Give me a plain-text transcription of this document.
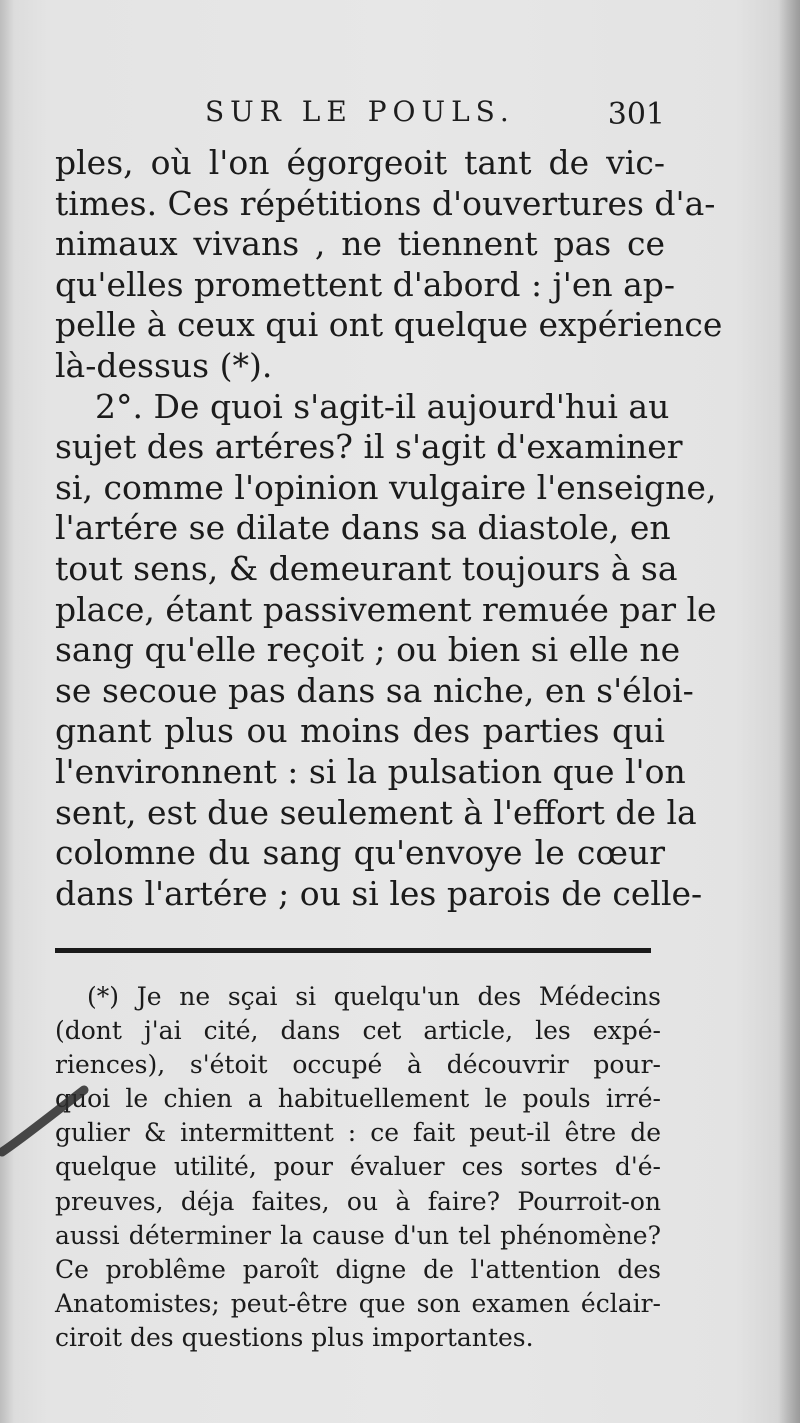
SUR LE POULS.	301
ples, où l'on égorgeoit tant de vic-
times. Ces répétitions d'ouvertures d'a-
nimaux vivans , ne tiennent pas ce
qu'elles promettent d'abord : j'en ap-
pelle à ceux qui ont quelque expérience
là-dessus (*).
2°. De quoi s'agit-il aujourd'hui au
sujet des artéres? il s'agit d'examiner
si, comme l'opinion vulgaire l'enseigne,
l'artére se dilate dans sa diastole, en
tout sens, & demeurant toujours à sa
place, étant passivement remuée par le
sang qu'elle reçoit ; ou bien si elle ne
se secoue pas dans sa niche, en s'éloi-
gnant plus ou moins des parties qui
l'environnent : si la pulsation que l'on
sent, est due seulement à l'effort de la
colomne du sang qu'envoye le cœur
dans l'artére ; ou si les parois de celle-
(*) Je ne sçai si quelqu'un des Médecins
(dont j'ai cité, dans cet article, les expé-
riences), s'étoit occupé à découvrir pour-
quoi le chien a habituellement le pouls irré-
gulier & intermittent : ce fait peut-il être de
quelque utilité, pour évaluer ces sortes d'é-
preuves, déja faites, ou à faire? Pourroit-on
aussi déterminer la cause d'un tel phénomène?
Ce problême paroît digne de l'attention des
Anatomistes; peut-être que son examen éclair-
ciroit des questions plus importantes.
